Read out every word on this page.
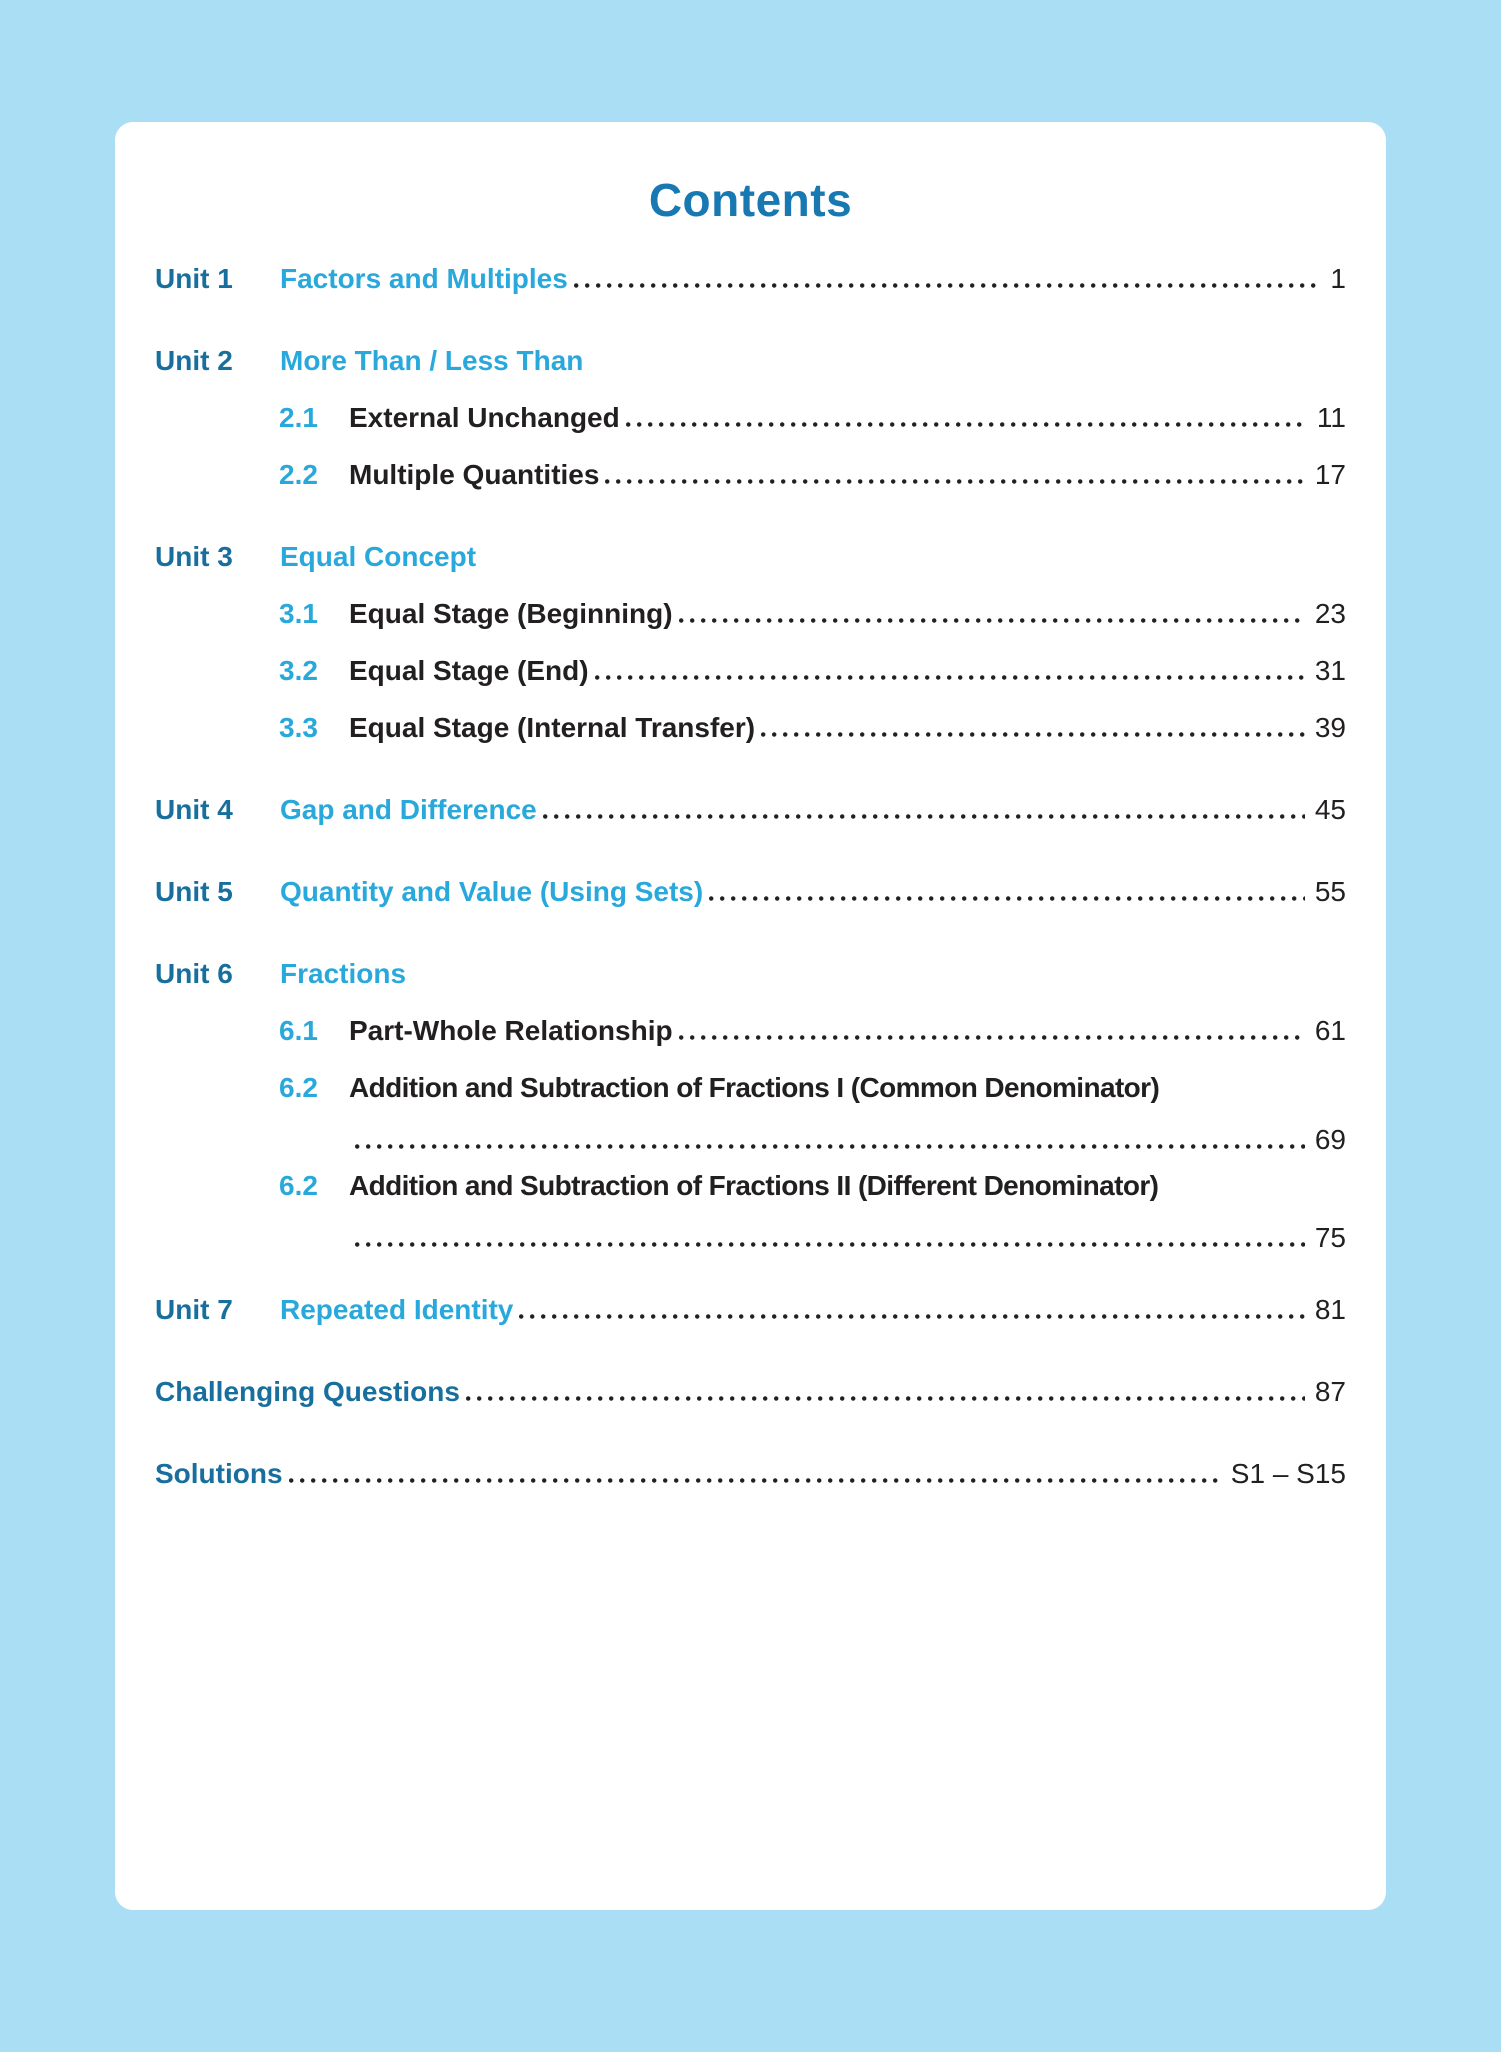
Contents
Unit 1	Factors and Multiples	1
Unit 2	More Than / Less Than
2.1	External Unchanged	11
2.2	Multiple Quantities	17
Unit 3	Equal Concept
3.1	Equal Stage (Beginning)	23
3.2	Equal Stage (End)	31
3.3	Equal Stage (Internal Transfer)	39
Unit 4	Gap and Difference	45
Unit 5	Quantity and Value (Using Sets)	55
Unit 6	Fractions
6.1	Part-Whole Relationship	61
6.2	Addition and Subtraction of Fractions I (Common Denominator)
69
6.2	Addition and Subtraction of Fractions II (Different Denominator)
75
Unit 7	Repeated Identity	81
Challenging Questions	87
Solutions	S1 – S15
